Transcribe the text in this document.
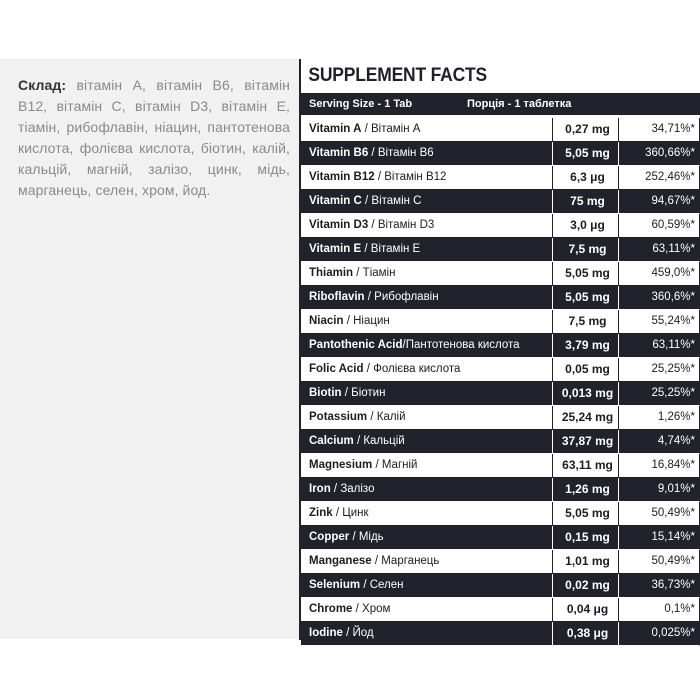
Склад: вітамін А, вітамін В6, вітамін В12, вітамін С, вітамін D3, вітамін Е, тіамін, рибофлавін, ніацин, пантотенова кислота, фолієва кислота, біотин, калій, кальцій, магній, залізо, цинк, мідь, марганець, селен, хром, йод.

SUPPLEMENT FACTS
Serving Size - 1 Tab	Порція - 1 таблетка
Vitamin A / Вітамін А	0,27 mg	34,71%*
Vitamin B6 / Вітамін B6	5,05 mg	360,66%*
Vitamin B12 / Вітамін B12	6,3 μg	252,46%*
Vitamin C / Вітамін C	75 mg	94,67%*
Vitamin D3 / Вітамін D3	3,0 μg	60,59%*
Vitamin E / Вітамін E	7,5 mg	63,11%*
Thiamin / Тіамін	5,05 mg	459,0%*
Riboflavin / Рибофлавін	5,05 mg	360,6%*
Niacin / Ніацин	7,5 mg	55,24%*
Pantothenic Acid/Пантотенова кислота	3,79 mg	63,11%*
Folic Acid / Фолієва кислота	0,05 mg	25,25%*
Biotin / Біотин	0,013 mg	25,25%*
Potassium / Калій	25,24 mg	1,26%*
Calcium / Кальцій	37,87 mg	4,74%*
Magnesium / Магній	63,11 mg	16,84%*
Iron / Залізо	1,26 mg	9,01%*
Zink / Цинк	5,05 mg	50,49%*
Copper / Мідь	0,15 mg	15,14%*
Manganese / Марганець	1,01 mg	50,49%*
Selenium / Селен	0,02 mg	36,73%*
Chrome / Хром	0,04 μg	0,1%*
Iodine / Йод	0,38 μg	0,025%*
